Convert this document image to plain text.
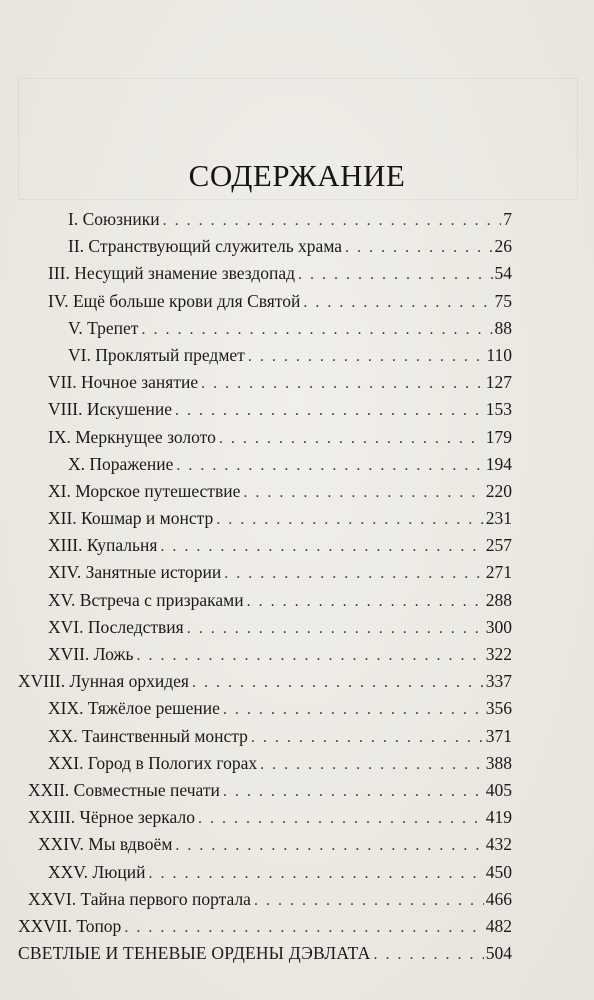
СОДЕРЖАНИЕ
I. Союзники . . .	7
II. Странствующий служитель храма . . .	26
III. Несущий знамение звездопад . . .	54
IV. Ещё больше крови для Святой . . .	75
V. Трепет . . .	88
VI. Проклятый предмет . . .	110
VII. Ночное занятие . . .	127
VIII. Искушение . . .	153
IX. Меркнущее золото . . .	179
X. Поражение . . .	194
XI. Морское путешествие . . .	220
XII. Кошмар и монстр . . .	231
XIII. Купальня . . .	257
XIV. Занятные истории . . .	271
XV. Встреча с призраками . . .	288
XVI. Последствия . . .	300
XVII. Ложь . . .	322
XVIII. Лунная орхидея . . .	337
XIX. Тяжёлое решение . . .	356
XX. Таинственный монстр . . .	371
XXI. Город в Пологих горах . . .	388
XXII. Совместные печати . . .	405
XXIII. Чёрное зеркало . . .	419
XXIV. Мы вдвоём . . .	432
XXV. Люций . . .	450
XXVI. Тайна первого портала . . .	466
XXVII. Топор . . .	482
СВЕТЛЫЕ И ТЕНЕВЫЕ ОРДЕНЫ ДЭВЛАТА . . .	504
